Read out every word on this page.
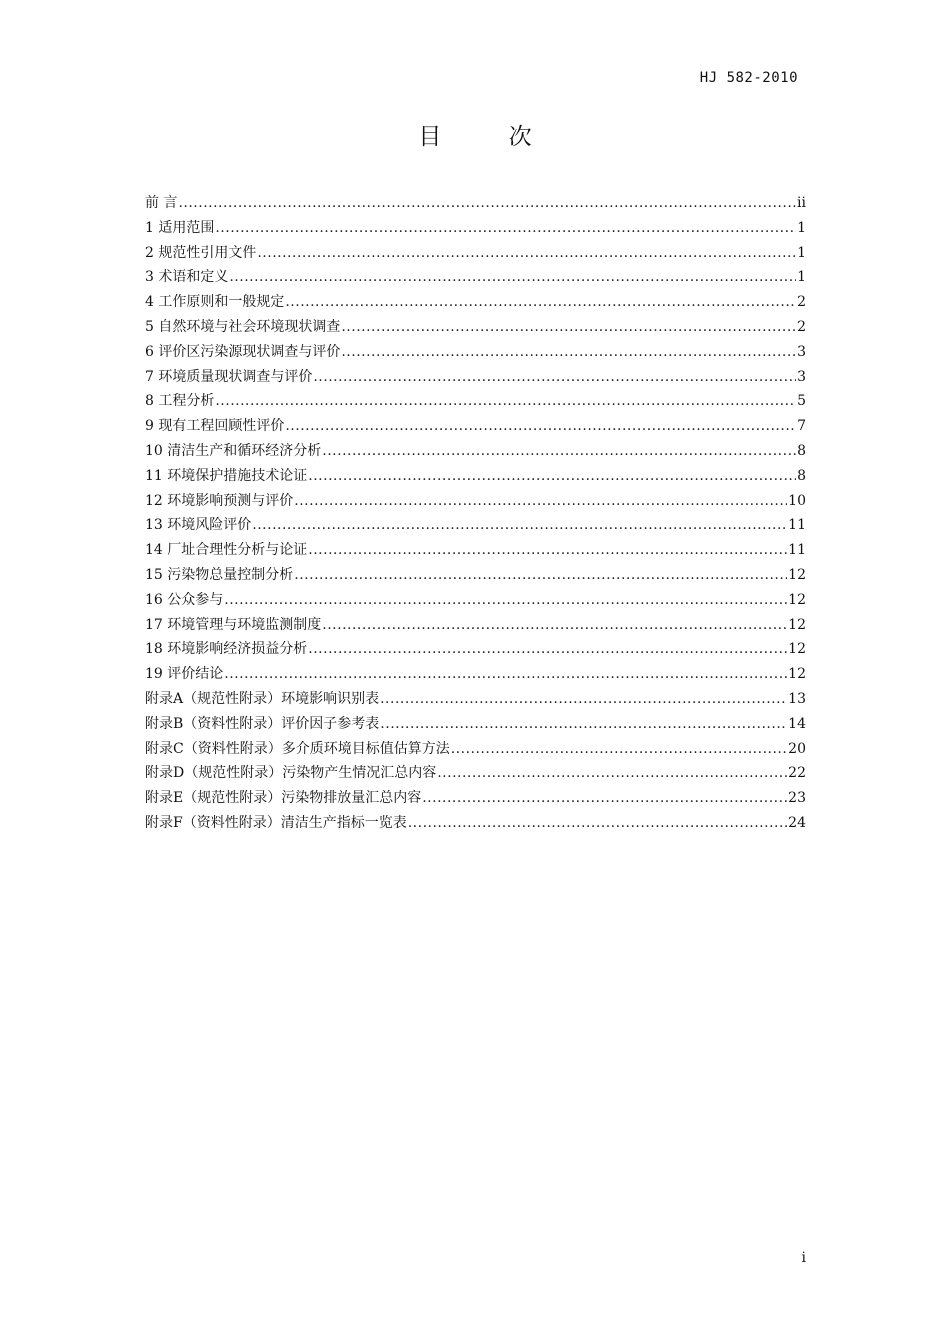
HJ 582-2010
目 次
前 言 .....	ii
1 适用范围 .....	1
2 规范性引用文件 .....	1
3 术语和定义 .....	1
4 工作原则和一般规定 .....	2
5 自然环境与社会环境现状调查 .....	2
6 评价区污染源现状调查与评价 .....	3
7 环境质量现状调查与评价 .....	3
8 工程分析 .....	5
9 现有工程回顾性评价 .....	7
10 清洁生产和循环经济分析 .....	8
11 环境保护措施技术论证 .....	8
12 环境影响预测与评价 .....	10
13 环境风险评价 .....	11
14 厂址合理性分析与论证 .....	11
15 污染物总量控制分析 .....	12
16 公众参与 .....	12
17 环境管理与环境监测制度 .....	12
18 环境影响经济损益分析 .....	12
19 评价结论 .....	12
附录A（规范性附录）环境影响识别表 .....	13
附录B（资料性附录）评价因子参考表 .....	14
附录C（资料性附录）多介质环境目标值估算方法 .....	20
附录D（规范性附录）污染物产生情况汇总内容 .....	22
附录E（规范性附录）污染物排放量汇总内容 .....	23
附录F（资料性附录）清洁生产指标一览表 .....	24
i
